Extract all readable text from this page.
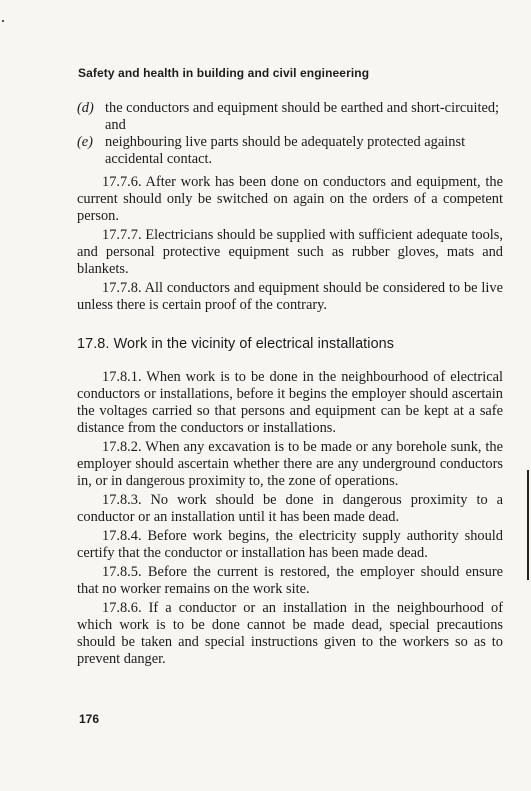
Safety and health in building and civil engineering
(d) the conductors and equipment should be earthed and short-circuited; and
(e) neighbouring live parts should be adequately protected against accidental contact.

17.7.6. After work has been done on conductors and equipment, the current should only be switched on again on the orders of a competent person.

17.7.7. Electricians should be supplied with sufficient adequate tools, and personal protective equipment such as rubber gloves, mats and blankets.

17.7.8. All conductors and equipment should be considered to be live unless there is certain proof of the contrary.

17.8. Work in the vicinity of electrical installations

17.8.1. When work is to be done in the neighbourhood of electrical conductors or installations, before it begins the employer should ascertain the voltages carried so that persons and equipment can be kept at a safe distance from the conductors or installations.

17.8.2. When any excavation is to be made or any borehole sunk, the employer should ascertain whether there are any underground conductors in, or in dangerous proximity to, the zone of operations.

17.8.3. No work should be done in dangerous proximity to a conductor or an installation until it has been made dead.

17.8.4. Before work begins, the electricity supply authority should certify that the conductor or installation has been made dead.

17.8.5. Before the current is restored, the employer should ensure that no worker remains on the work site.

17.8.6. If a conductor or an installation in the neighbourhood of which work is to be done cannot be made dead, special precautions should be taken and special instructions given to the workers so as to prevent danger.

176
